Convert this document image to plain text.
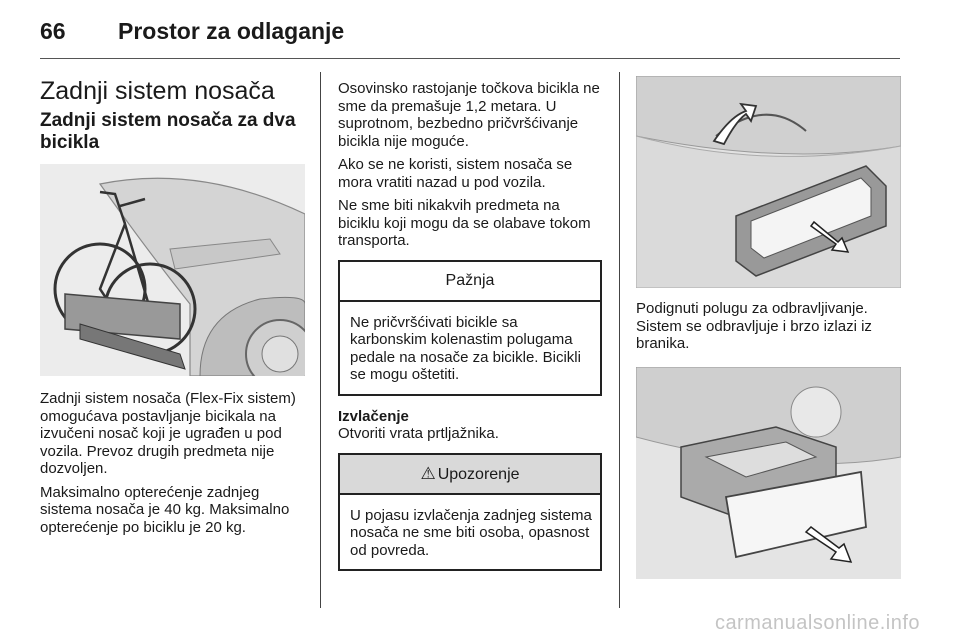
66 Prostor za odlaganje
Zadnji sistem nosača
Zadnji sistem nosača za dva bicikla

Zadnji sistem nosača (Flex-Fix sistem) omogućava postavljanje bicikala na izvučeni nosač koji je ugrađen u pod vozila. Prevoz drugih predmeta nije dozvoljen.

Maksimalno opterećenje zadnjeg sistema nosača je 40 kg. Maksimalno opterećenje po biciklu je 20 kg.

Osovinsko rastojanje točkova bicikla ne sme da premašuje 1,2 metara. U suprotnom, bezbedno pričvršćivanje bicikla nije moguće.

Ako se ne koristi, sistem nosača se mora vratiti nazad u pod vozila.

Ne sme biti nikakvih predmeta na biciklu koji mogu da se olabave tokom transporta.

Pažnja
Ne pričvršćivati bicikle sa karbonskim kolenastim polugama pedale na nosače za bicikle. Bicikli se mogu oštetiti.

Izvlačenje

Otvoriti vrata prtljažnika.

⚠ Upozorenje
U pojasu izvlačenja zadnjeg sistema nosača ne sme biti osoba, opasnost od povreda.

Podignuti polugu za odbravljivanje. Sistem se odbravljuje i brzo izlazi iz branika.

carmanualsonline.info
